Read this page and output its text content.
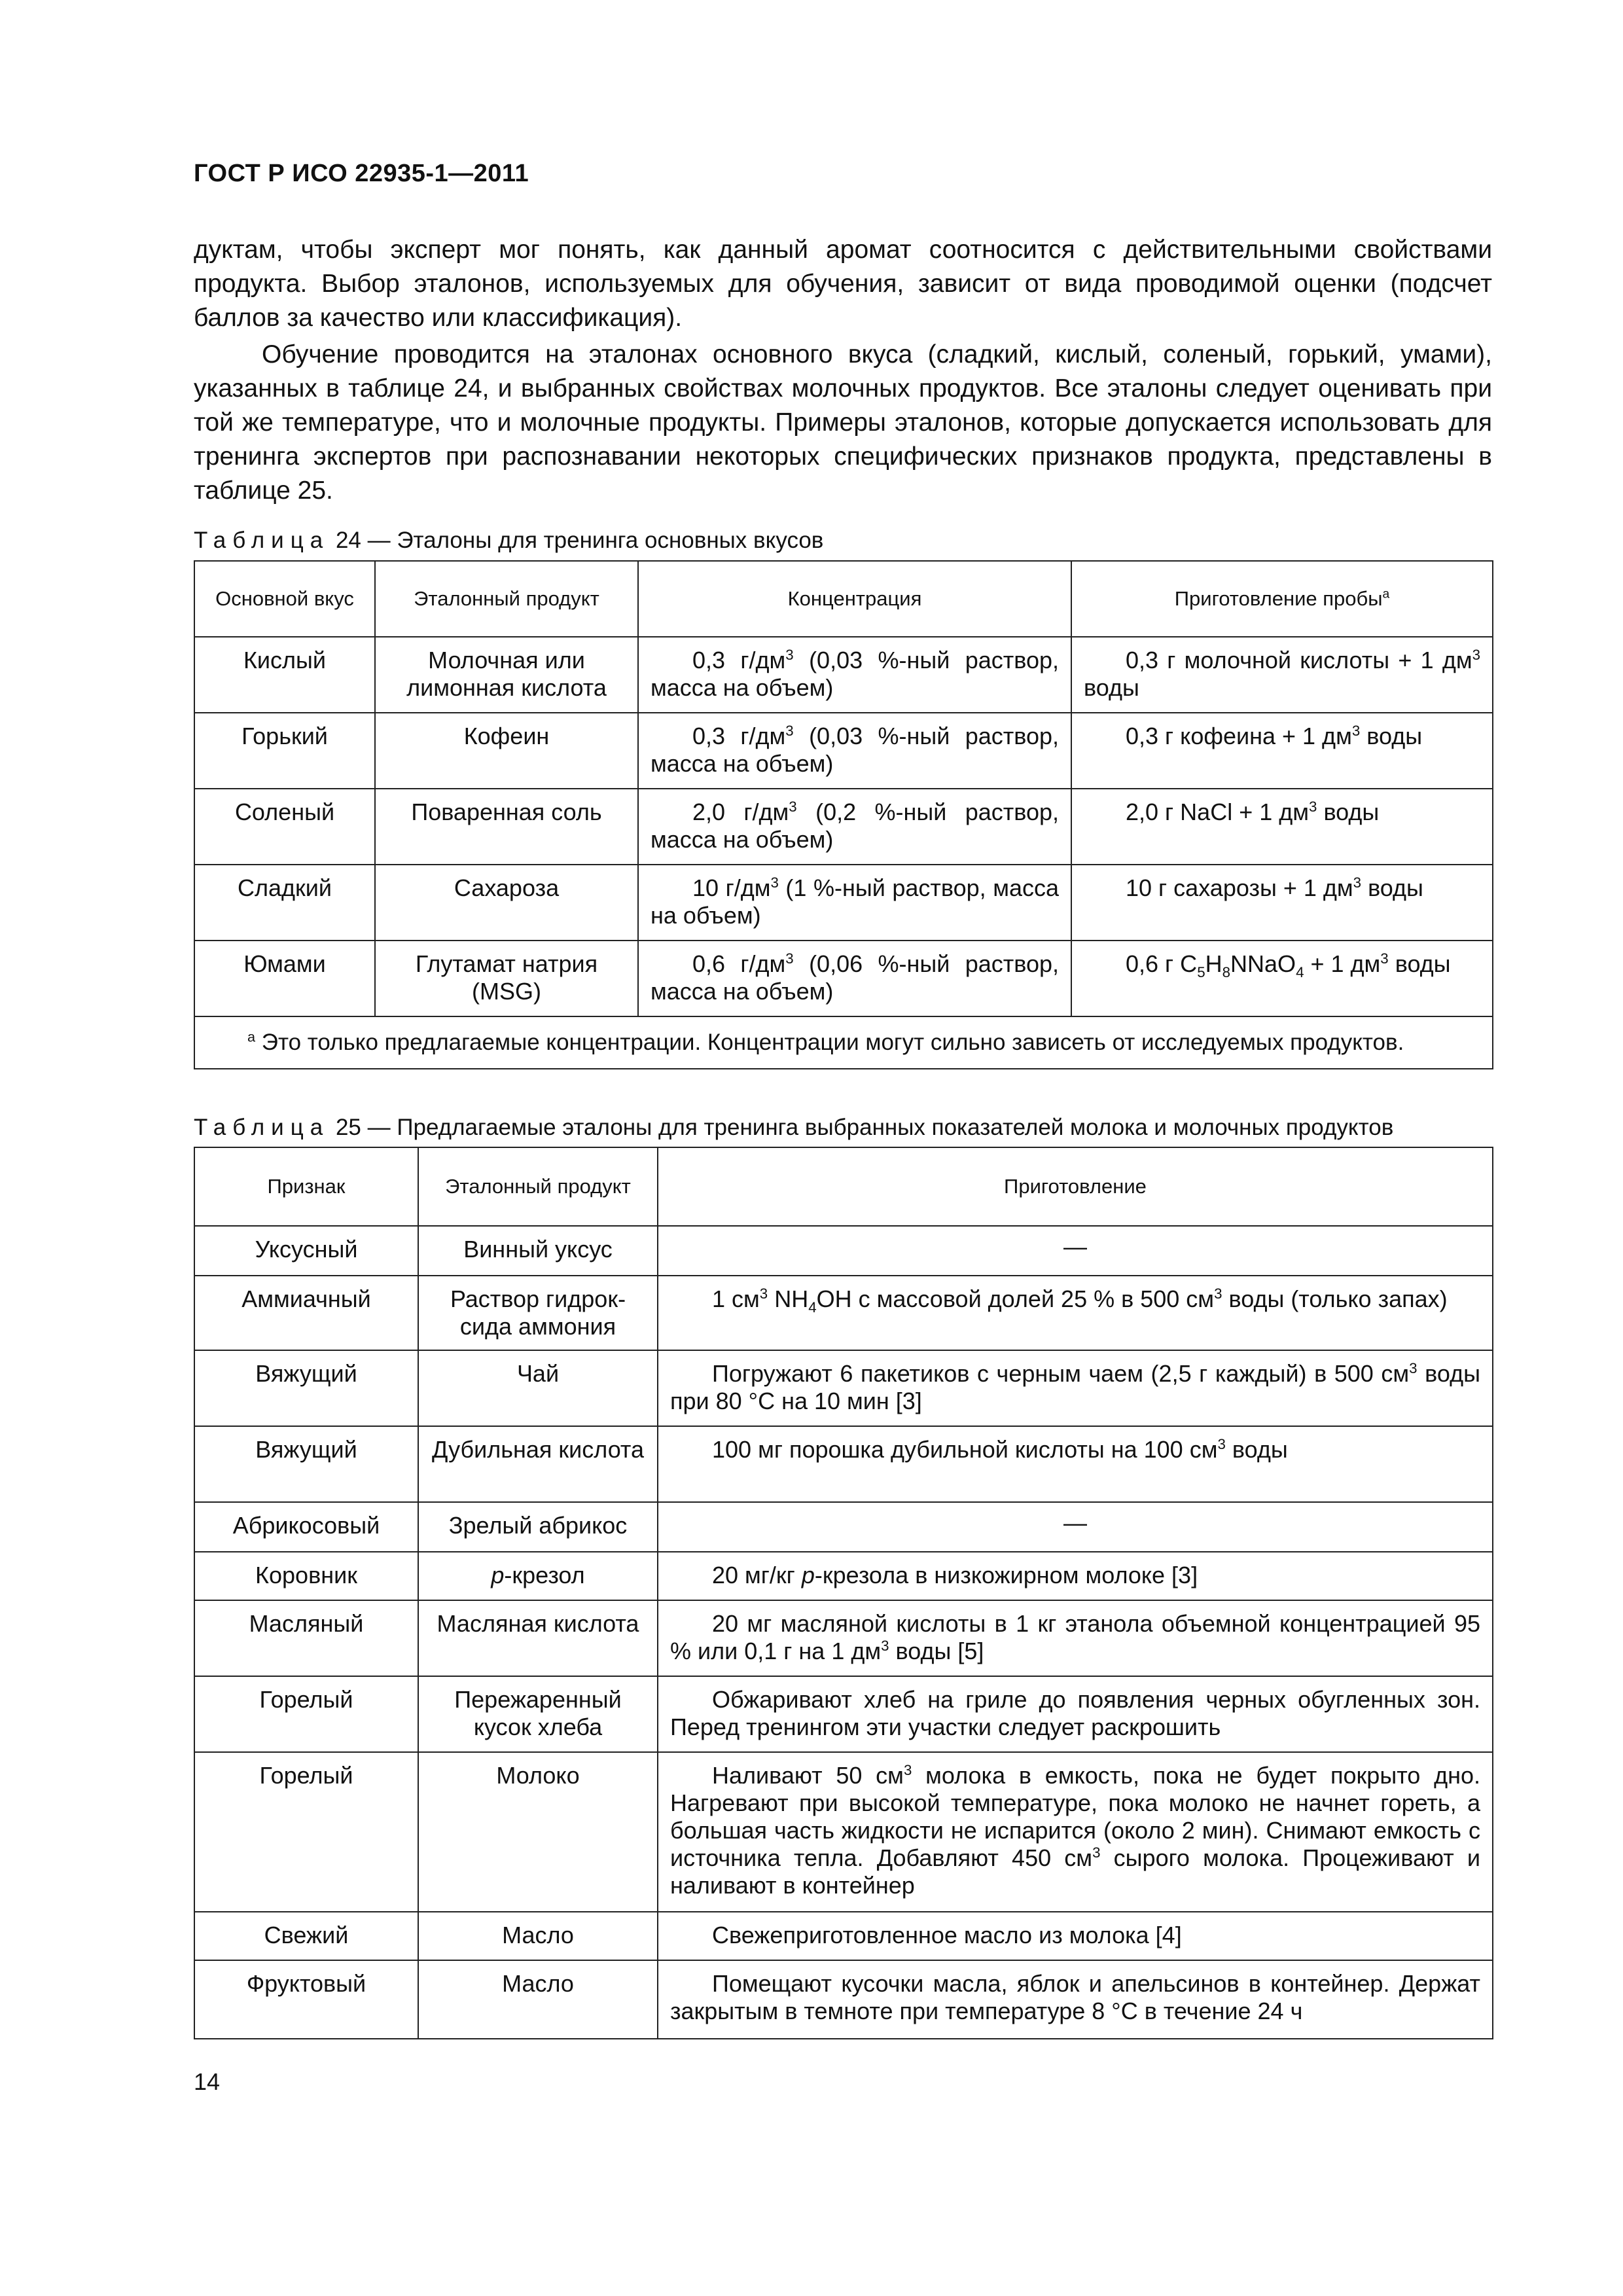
ГОСТ Р ИСО 22935-1—2011

дуктам, чтобы эксперт мог понять, как данный аромат соотносится с действительными свойствами продукта. Выбор эталонов, используемых для обучения, зависит от вида проводимой оценки (подсчет баллов за качество или классификация).

Обучение проводится на эталонах основного вкуса (сладкий, кислый, соленый, горький, умами), указанных в таблице 24, и выбранных свойствах молочных продуктов. Все эталоны следует оценивать при той же температуре, что и молочные продукты. Примеры эталонов, которые допускается использовать для тренинга экспертов при распознавании некоторых специфических признаков продукта, представлены в таблице 25.

Таблица 24 — Эталоны для тренинга основных вкусов
Основной вкус	Эталонный продукт	Концентрация	Приготовление пробы$^a$
Кислый	Молочная или лимонная кислота	0,3 $г/дм^3$ (0,03 %-ный раствор, масса на объем)	0,3 г молочной кислоты + 1 $дм^3$ воды
Горький	Кофеин	0,3 $г/дм^3$ (0,03 %-ный раствор, масса на объем)	0,3 г кофеина + 1 $дм^3$ воды
Соленый	Поваренная соль	2,0 $г/дм^3$ (0,2 %-ный раствор, масса на объем)	2,0 г NaCl + 1 $дм^3$ воды
Сладкий	Сахароза	10 $г/дм^3$ (1 %-ный раствор, масса на объем)	10 г сахарозы + 1 $дм^3$ воды
Юмами	Глутамат натрия (MSG)	0,6 $г/дм^3$ (0,06 %-ный раствор, масса на объем)	0,6 г $C_5H_8NNaO_4 + 1$ $дм^3$ воды
$^a$ Это только предлагаемые концентрации. Концентрации могут сильно зависеть от исследуемых продуктов.			
Таблица 25 — Предлагаемые эталоны для тренинга выбранных показателей молока и молочных продуктов
Признак	Эталонный продукт	Приготовление
Уксусный	Винный уксус	—
Аммиачный	Раствор гидрок- сида аммония	1 $см^3$ $NH_4OH$ с массовой долей 25 % в 500 $см^3$ воды (только запах)
Вяжущий	Чай	Погружают 6 пакетиков с черным чаем (2,5 г каждый) в 500 $см^3$ воды при 80 °С на 10 мин [3]
Вяжущий	Дубильная кислота	100 мг порошка дубильной кислоты на 100 $см^3$ воды
Абрикосовый	Зрелый абрикос	—
Коровник	p-крезол	20 мг/кг p-крезола в низкожирном молоке [3]
Масляный	Масляная кислота	20 мг масляной кислоты в 1 кг этанола объемной концентрацией 95 % или 0,1 г на 1 $дм^3$ воды [5]
Горелый	Пережаренный кусок хлеба	Обжаривают хлеб на гриле до появления черных обугленных зон. Перед тренингом эти участки следует раскрошить
Горелый	Молоко	Наливают 50 $см^3$ молока в емкость, пока не будет покрыто дно. Нагревают при высокой температуре, пока молоко не начнет гореть, а большая часть жидкости не испарится (около 2 мин). Снимают емкость с источника тепла. Добавляют 450 $см^3$ сырого молока. Процеживают и наливают в контейнер
Свежий	Масло	Свежеприготовленное масло из молока [4]
Фруктовый	Масло	Помещают кусочки масла, яблок и апельсинов в контейнер. Держат закрытым в темноте при температуре 8 °С в течение 24 ч
14
